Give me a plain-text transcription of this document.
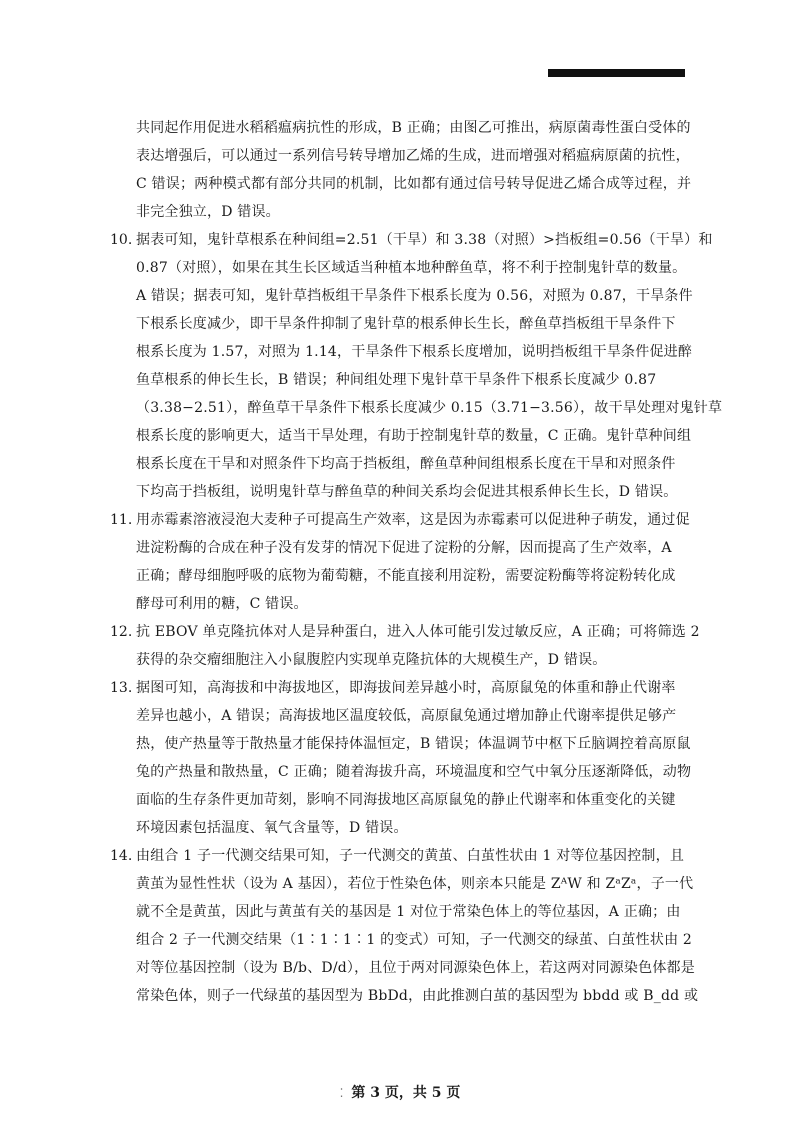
共同起作用促进水稻稻瘟病抗性的形成，B 正确；由图乙可推出，病原菌毒性蛋白受体的
表达增强后，可以通过一系列信号转导增加乙烯的生成，进而增强对稻瘟病原菌的抗性，
C 错误；两种模式都有部分共同的机制，比如都有通过信号转导促进乙烯合成等过程，并
非完全独立，D 错误。
10. 据表可知，鬼针草根系在种间组=2.51（干旱）和 3.38（对照）>挡板组=0.56（干旱）和
0.87（对照），如果在其生长区域适当种植本地种醉鱼草，将不利于控制鬼针草的数量。
A 错误；据表可知，鬼针草挡板组干旱条件下根系长度为 0.56，对照为 0.87，干旱条件
下根系长度减少，即干旱条件抑制了鬼针草的根系伸长生长，醉鱼草挡板组干旱条件下
根系长度为 1.57，对照为 1.14，干旱条件下根系长度增加，说明挡板组干旱条件促进醉
鱼草根系的伸长生长，B 错误；种间组处理下鬼针草干旱条件下根系长度减少 0.87
（3.38−2.51），醉鱼草干旱条件下根系长度减少 0.15（3.71−3.56），故干旱处理对鬼针草
根系长度的影响更大，适当干旱处理，有助于控制鬼针草的数量，C 正确。鬼针草种间组
根系长度在干旱和对照条件下均高于挡板组，醉鱼草种间组根系长度在干旱和对照条件
下均高于挡板组，说明鬼针草与醉鱼草的种间关系均会促进其根系伸长生长，D 错误。
11. 用赤霉素溶液浸泡大麦种子可提高生产效率，这是因为赤霉素可以促进种子萌发，通过促
进淀粉酶的合成在种子没有发芽的情况下促进了淀粉的分解，因而提高了生产效率，A
正确；酵母细胞呼吸的底物为葡萄糖，不能直接利用淀粉，需要淀粉酶等将淀粉转化成
酵母可利用的糖，C 错误。
12. 抗 EBOV 单克隆抗体对人是异种蛋白，进入人体可能引发过敏反应，A 正确；可将筛选 2
获得的杂交瘤细胞注入小鼠腹腔内实现单克隆抗体的大规模生产，D 错误。
13. 据图可知，高海拔和中海拔地区，即海拔间差异越小时，高原鼠兔的体重和静止代谢率
差异也越小，A 错误；高海拔地区温度较低，高原鼠兔通过增加静止代谢率提供足够产
热，使产热量等于散热量才能保持体温恒定，B 错误；体温调节中枢下丘脑调控着高原鼠
兔的产热量和散热量，C 正确；随着海拔升高，环境温度和空气中氧分压逐渐降低，动物
面临的生存条件更加苛刻，影响不同海拔地区高原鼠兔的静止代谢率和体重变化的关键
环境因素包括温度、氧气含量等，D 错误。
14. 由组合 1 子一代测交结果可知，子一代测交的黄茧、白茧性状由 1 对等位基因控制，且
黄茧为显性性状（设为 A 基因），若位于性染色体，则亲本只能是 ZᴬW 和 ZᵃZᵃ，子一代
就不全是黄茧，因此与黄茧有关的基因是 1 对位于常染色体上的等位基因，A 正确；由
组合 2 子一代测交结果（1∶1∶1∶1 的变式）可知，子一代测交的绿茧、白茧性状由 2
对等位基因控制（设为 B/b、D/d），且位于两对同源染色体上，若这两对同源染色体都是
常染色体，则子一代绿茧的基因型为 BbDd，由此推测白茧的基因型为 bbdd 或 B_dd 或
⁚ 第 3 页，共 5 页
